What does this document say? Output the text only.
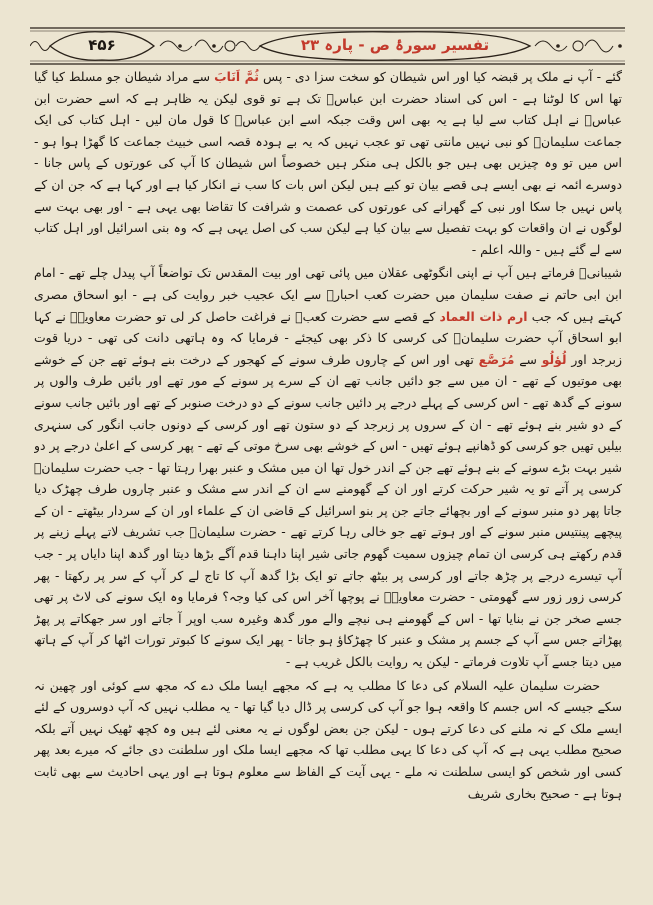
۴۵۶	تفسیر سورۂ ص - پارہ ۲۳

گئے - آپ نے ملک پر قبضہ کیا اور اس شیطان کو سخت سزا دی - پس ثُمَّ اَنَابَ سے مراد شیطان جو مسلط کیا گیا تھا اس کا لوٹنا ہے - اس کی اسناد حضرت ابن عباسؓ تک ہے تو قوی لیکن یہ ظاہر ہے کہ اسے حضرت ابن عباسؓ نے اہل کتاب سے لیا ہے یہ بھی اس وقت جبکہ اسے ابن عباسؓ کا قول مان لیں - اہل کتاب کی ایک جماعت سلیمانؑ کو نبی نہیں مانتی تھی تو عجب نہیں کہ یہ بے ہودہ قصہ اسی خبیث جماعت کا گھڑا ہوا ہو - اس میں تو وہ چیزیں بھی ہیں جو بالکل ہی منکر ہیں خصوصاً اس شیطان کا آپ کی عورتوں کے پاس جانا - دوسرے ائمہ نے بھی ایسے ہی قصے بیان تو کیے ہیں لیکن اس بات کا سب نے انکار کیا ہے اور کہا ہے کہ جن ان کے پاس نہیں جا سکا اور نبی کے گھرانے کی عورتوں کی عصمت و شرافت کا تقاضا بھی یہی ہے - اور بھی بہت سے لوگوں نے ان واقعات کو بہت تفصیل سے بیان کیا ہے لیکن سب کی اصل یہی ہے کہ وہ بنی اسرائیل اور اہل کتاب سے لے گئے ہیں - واللہ اعلم -

شیبانیؒ فرماتے ہیں آپ نے اپنی انگوٹھی عقلان میں پائی تھی اور بیت المقدس تک تواضعاً آپ پیدل چلے تھے - امام ابن ابی حاتم نے صفت سلیمان میں حضرت کعب احبارؓ سے ایک عجیب خبر روایت کی ہے - ابو اسحاق مصری کہتے ہیں کہ جب ارم ذات العماد کے قصے سے حضرت کعبؓ نے فراغت حاصل کر لی تو حضرت معاویہؓ نے کہا ابو اسحاق آپ حضرت سلیمانؑ کی کرسی کا ذکر بھی کیجئے - فرمایا کہ وہ ہاتھی دانت کی تھی - دریا قوت زبرجد اور لُؤلُو سے مُرَصَّع تھی اور اس کے چاروں طرف سونے کے کھجور کے درخت بنے ہوئے تھے جن کے خوشے بھی موتیوں کے تھے - ان میں سے جو دائیں جانب تھے ان کے سرے پر سونے کے مور تھے اور بائیں طرف والوں پر سونے کے گدھ تھے - اس کرسی کے پہلے درجے پر دائیں جانب سونے کے دو درخت صنوبر کے تھے اور بائیں جانب سونے کے دو شیر بنے ہوئے تھے - ان کے سروں پر زبرجد کے دو ستون تھے اور کرسی کے دونوں جانب انگور کی سنہری بیلیں تھیں جو کرسی کو ڈھانپے ہوئے تھیں - اس کے خوشے بھی سرخ موتی کے تھے - پھر کرسی کے اعلیٰ درجے پر دو شیر بہت بڑے سونے کے بنے ہوئے تھے جن کے اندر خول تھا ان میں مشک و عنبر بھرا رہتا تھا - جب حضرت سلیمانؑ کرسی پر آتے تو یہ شیر حرکت کرتے اور ان کے گھومنے سے ان کے اندر سے مشک و عنبر چاروں طرف چھڑک دیا جاتا پھر دو منبر سونے کے اور بچھائے جاتے جن پر بنو اسرائیل کے قاضی ان کے علماء اور ان کے سردار بیٹھتے - ان کے پیچھے پینتیس منبر سونے کے اور ہوتے تھے جو خالی رہا کرتے تھے - حضرت سلیمانؑ جب تشریف لاتے پہلے زینے پر قدم رکھتے ہی کرسی ان تمام چیزوں سمیت گھوم جاتی شیر اپنا داہنا قدم آگے بڑھا دیتا اور گدھ اپنا دایاں پر - جب آپ تیسرے درجے پر چڑھ جاتے اور کرسی پر بیٹھ جاتے تو ایک بڑا گدھ آپ کا تاج لے کر آپ کے سر پر رکھتا - پھر کرسی زور زور سے گھومتی - حضرت معاویہؓ نے پوچھا آخر اس کی کیا وجہ؟ فرمایا وہ ایک سونے کی لاٹ پر تھی جسے صخر جن نے بنایا تھا - اس کے گھومنے ہی نیچے والے مور گدھ وغیرہ سب اوپر آ جاتے اور سر جھکاتے پر پھڑ پھڑاتے جس سے آپ کے جسم پر مشک و عنبر کا چھڑکاؤ ہو جاتا - پھر ایک سونے کا کبوتر تورات اٹھا کر آپ کے ہاتھ میں دیتا جسے آپ تلاوت فرماتے - لیکن یہ روایت بالکل غریب ہے -

حضرت سلیمان علیہ السلام کی دعا کا مطلب یہ ہے کہ مجھے ایسا ملک دے کہ مجھ سے کوئی اور چھین نہ سکے جیسے کہ اس جسم کا واقعہ ہوا جو آپ کی کرسی پر ڈال دیا گیا تھا - یہ مطلب نہیں کہ آپ دوسروں کے لئے ایسے ملک کے نہ ملنے کی دعا کرتے ہوں - لیکن جن بعض لوگوں نے یہ معنی لئے ہیں وہ کچھ ٹھیک نہیں آتے بلکہ صحیح مطلب یہی ہے کہ آپ کی دعا کا یہی مطلب تھا کہ مجھے ایسا ملک اور سلطنت دی جائے کہ میرے بعد پھر کسی اور شخص کو ایسی سلطنت نہ ملے - یہی آیت کے الفاظ سے معلوم ہوتا ہے اور یہی احادیث سے بھی ثابت ہوتا ہے - صحیح بخاری شریف
